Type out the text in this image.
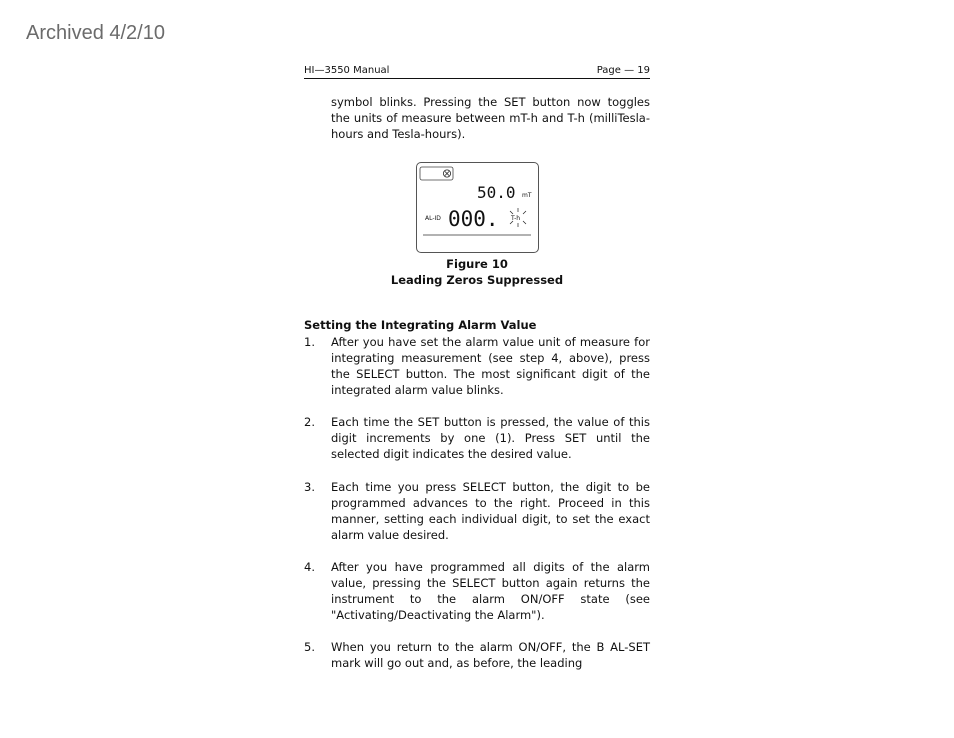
Archived 4/2/10
HI—3550 Manual	Page — 19
symbol blinks. Pressing the SET button now toggles the units of measure between mT-h and T-h (milliTesla-hours and Tesla-hours).
50.0 mT
AL-ID 000. T-h
Figure 10
Leading Zeros Suppressed
Setting the Integrating Alarm Value
1. After you have set the alarm value unit of measure for integrating measurement (see step 4, above), press the SELECT button. The most significant digit of the integrated alarm value blinks.
2. Each time the SET button is pressed, the value of this digit increments by one (1). Press SET until the selected digit indicates the desired value.
3. Each time you press SELECT button, the digit to be programmed advances to the right. Proceed in this manner, setting each individual digit, to set the exact alarm value desired.
4. After you have programmed all digits of the alarm value, pressing the SELECT button again returns the instrument to the alarm ON/OFF state (see "Activating/Deactivating the Alarm").
5. When you return to the alarm ON/OFF, the B AL-SET mark will go out and, as before, the leading
